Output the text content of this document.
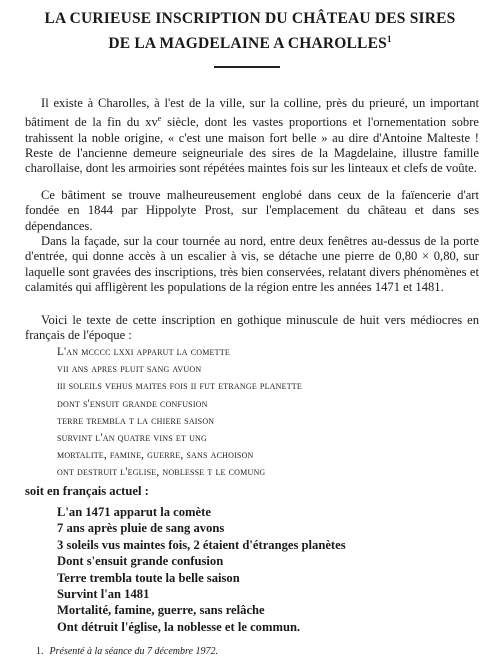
LA CURIEUSE INSCRIPTION DU CHÂTEAU DES SIRES
DE LA MAGDELAINE A CHAROLLES$^1$

Il existe à Charolles, à l'est de la ville, sur la colline, près du prieuré, un important bâtiment de la fin du $xv^e$ siècle, dont les vastes proportions et l'ornementation sobre trahissent la noble origine, « c'est une maison fort belle » au dire d'Antoine Malteste ! Reste de l'ancienne demeure seigneuriale des sires de la Magdelaine, illustre famille charollaise, dont les armoiries sont répétées maintes fois sur les linteaux et clefs de voûte.

Ce bâtiment se trouve malheureusement englobé dans ceux de la faïencerie d'art fondée en 1844 par Hippolyte Prost, sur l'emplacement du château et dans ses dépendances.

Dans la façade, sur la cour tournée au nord, entre deux fenêtres au-dessus de la porte d'entrée, qui donne accès à un escalier à vis, se détache une pierre de 0,80 × 0,80, sur laquelle sont gravées des inscriptions, très bien conservées, relatant divers phénomènes et calamités qui affligèrent les populations de la région entre les années 1471 et 1481.

Voici le texte de cette inscription en gothique minuscule de huit vers médiocres en français de l'époque :

L'an mcccc lxxi apparut la comette
vii ans apres pluit sang avuon
iii soleils vehus maites fois ii fut etrange planette
dont s'ensuit grande confusion
terre trembla t la chiere saison
survint l'an quatre vins et ung
mortalite, famine, guerre, sans achoison
ont destruit l'eglise, noblesse t le comung
soit en français actuel :
L'an 1471 apparut la comète
7 ans après pluie de sang avons
3 soleils vus maintes fois, 2 étaient d'étranges planètes
Dont s'ensuit grande confusion
Terre trembla toute la belle saison
Survint l'an 1481
Mortalité, famine, guerre, sans relâche
Ont détruit l'église, la noblesse et le commun.
1. Présenté à la séance du 7 décembre 1972.
